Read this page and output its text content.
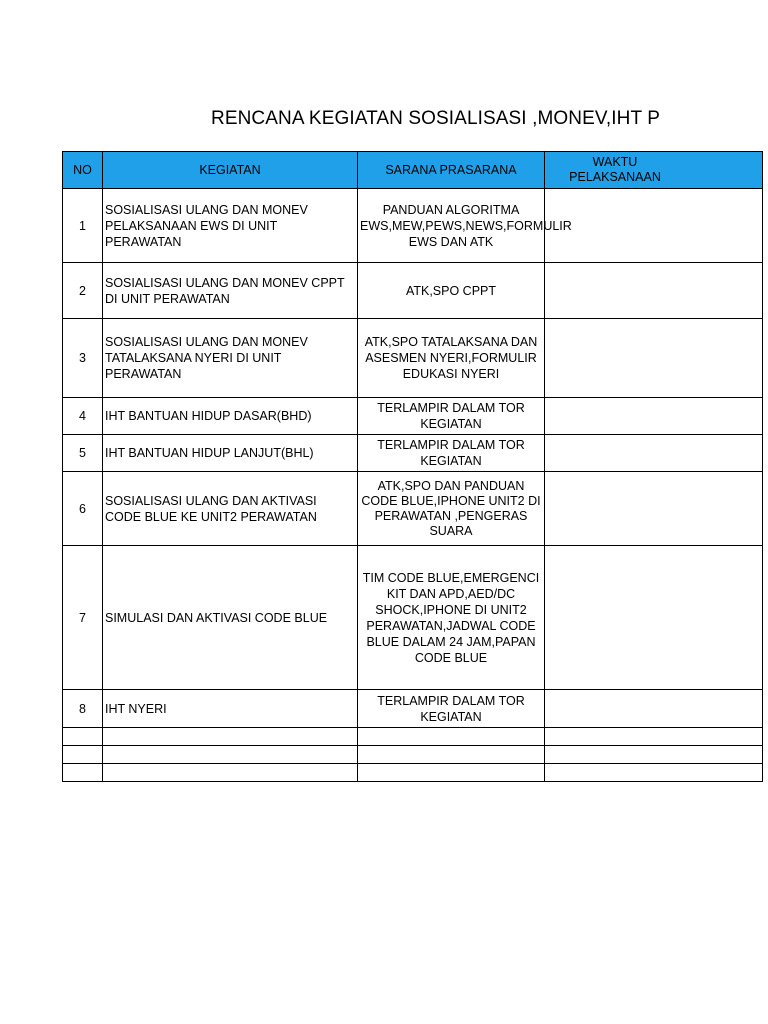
RENCANA KEGIATAN SOSIALISASI ,MONEV,IHT P
NO	KEGIATAN	SARANA PRASARANA	WAKTU PELAKSANAAN

1	SOSIALISASI ULANG DAN MONEV PELAKSANAAN EWS DI UNIT PERAWATAN	PANDUAN ALGORITMA EWS,MEW,PEWS,NEWS,FORMULIR EWS DAN ATK	
2	SOSIALISASI ULANG DAN MONEV CPPT DI UNIT PERAWATAN	ATK,SPO CPPT	
3	SOSIALISASI ULANG DAN MONEV TATALAKSANA NYERI DI UNIT PERAWATAN	ATK,SPO TATALAKSANA DAN ASESMEN NYERI,FORMULIR EDUKASI NYERI	
4	IHT BANTUAN HIDUP DASAR(BHD)	TERLAMPIR DALAM TOR KEGIATAN	
5	IHT BANTUAN HIDUP LANJUT(BHL)	TERLAMPIR DALAM TOR KEGIATAN	
6	SOSIALISASI ULANG DAN AKTIVASI CODE BLUE KE UNIT2 PERAWATAN	ATK,SPO DAN PANDUAN CODE BLUE,IPHONE UNIT2 DI PERAWATAN ,PENGERAS SUARA	
7	SIMULASI DAN AKTIVASI CODE BLUE	TIM CODE BLUE,EMERGENCI KIT DAN APD,AED/DC SHOCK,IPHONE DI UNIT2 PERAWATAN,JADWAL CODE BLUE DALAM 24 JAM,PAPAN CODE BLUE	
8	IHT NYERI	TERLAMPIR DALAM TOR KEGIATAN	
